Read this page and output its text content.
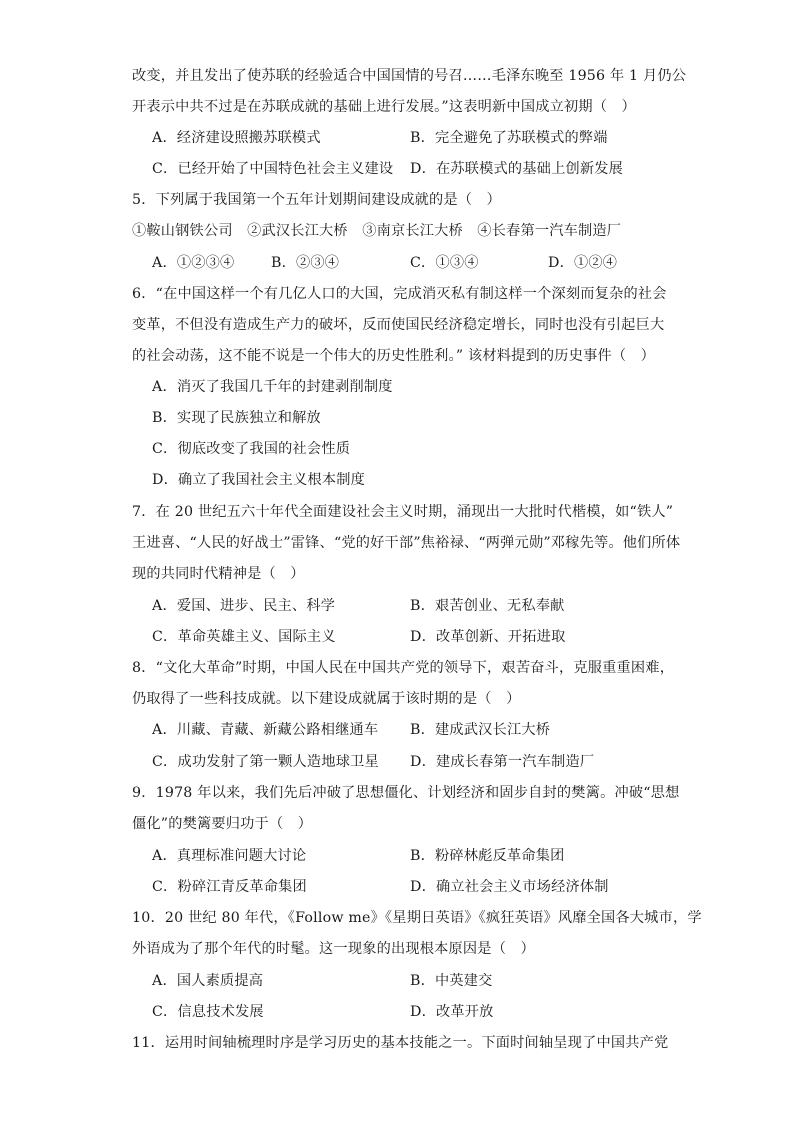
改变，并且发出了使苏联的经验适合中国国情的号召……毛泽东晚至 1956 年 1 月仍公
开表示中共不过是在苏联成就的基础上进行发展。”这表明新中国成立初期（　）
A．经济建设照搬苏联模式	B．完全避免了苏联模式的弊端
C．已经开始了中国特色社会主义建设 D．在苏联模式的基础上创新发展
5．下列属于我国第一个五年计划期间建设成就的是（　）
①鞍山钢铁公司　②武汉长江大桥　③南京长江大桥　④长春第一汽车制造厂
A．①②③④	B．②③④	C．①③④	D．①②④
6．“在中国这样一个有几亿人口的大国，完成消灭私有制这样一个深刻而复杂的社会
变革，不但没有造成生产力的破坏，反而使国民经济稳定增长，同时也没有引起巨大
的社会动荡，这不能不说是一个伟大的历史性胜利。” 该材料提到的历史事件（　）
A．消灭了我国几千年的封建剥削制度
B．实现了民族独立和解放
C．彻底改变了我国的社会性质
D．确立了我国社会主义根本制度
7．在 20 世纪五六十年代全面建设社会主义时期，涌现出一大批时代楷模，如“铁人”
王进喜、“人民的好战士”雷锋、“党的好干部”焦裕禄、“两弹元勋”邓稼先等。他们所体
现的共同时代精神是（　）
A．爱国、进步、民主、科学	B．艰苦创业、无私奉献
C．革命英雄主义、国际主义	D．改革创新、开拓进取
8．“文化大革命”时期，中国人民在中国共产党的领导下，艰苦奋斗，克服重重困难，
仍取得了一些科技成就。以下建设成就属于该时期的是（　）
A．川藏、青藏、新藏公路相继通车 B．建成武汉长江大桥
C．成功发射了第一颗人造地球卫星 D．建成长春第一汽车制造厂
9．1978 年以来，我们先后冲破了思想僵化、计划经济和固步自封的樊篱。冲破“思想
僵化”的樊篱要归功于（　）
A．真理标准问题大讨论	B．粉碎林彪反革命集团
C．粉碎江青反革命集团	D．确立社会主义市场经济体制
10．20 世纪 80 年代，《Follow me》《星期日英语》《疯狂英语》风靡全国各大城市，学
外语成为了那个年代的时髦。这一现象的出现根本原因是（　）
A．国人素质提高	B．中英建交
C．信息技术发展	D．改革开放
11．运用时间轴梳理时序是学习历史的基本技能之一。下面时间轴呈现了中国共产党
